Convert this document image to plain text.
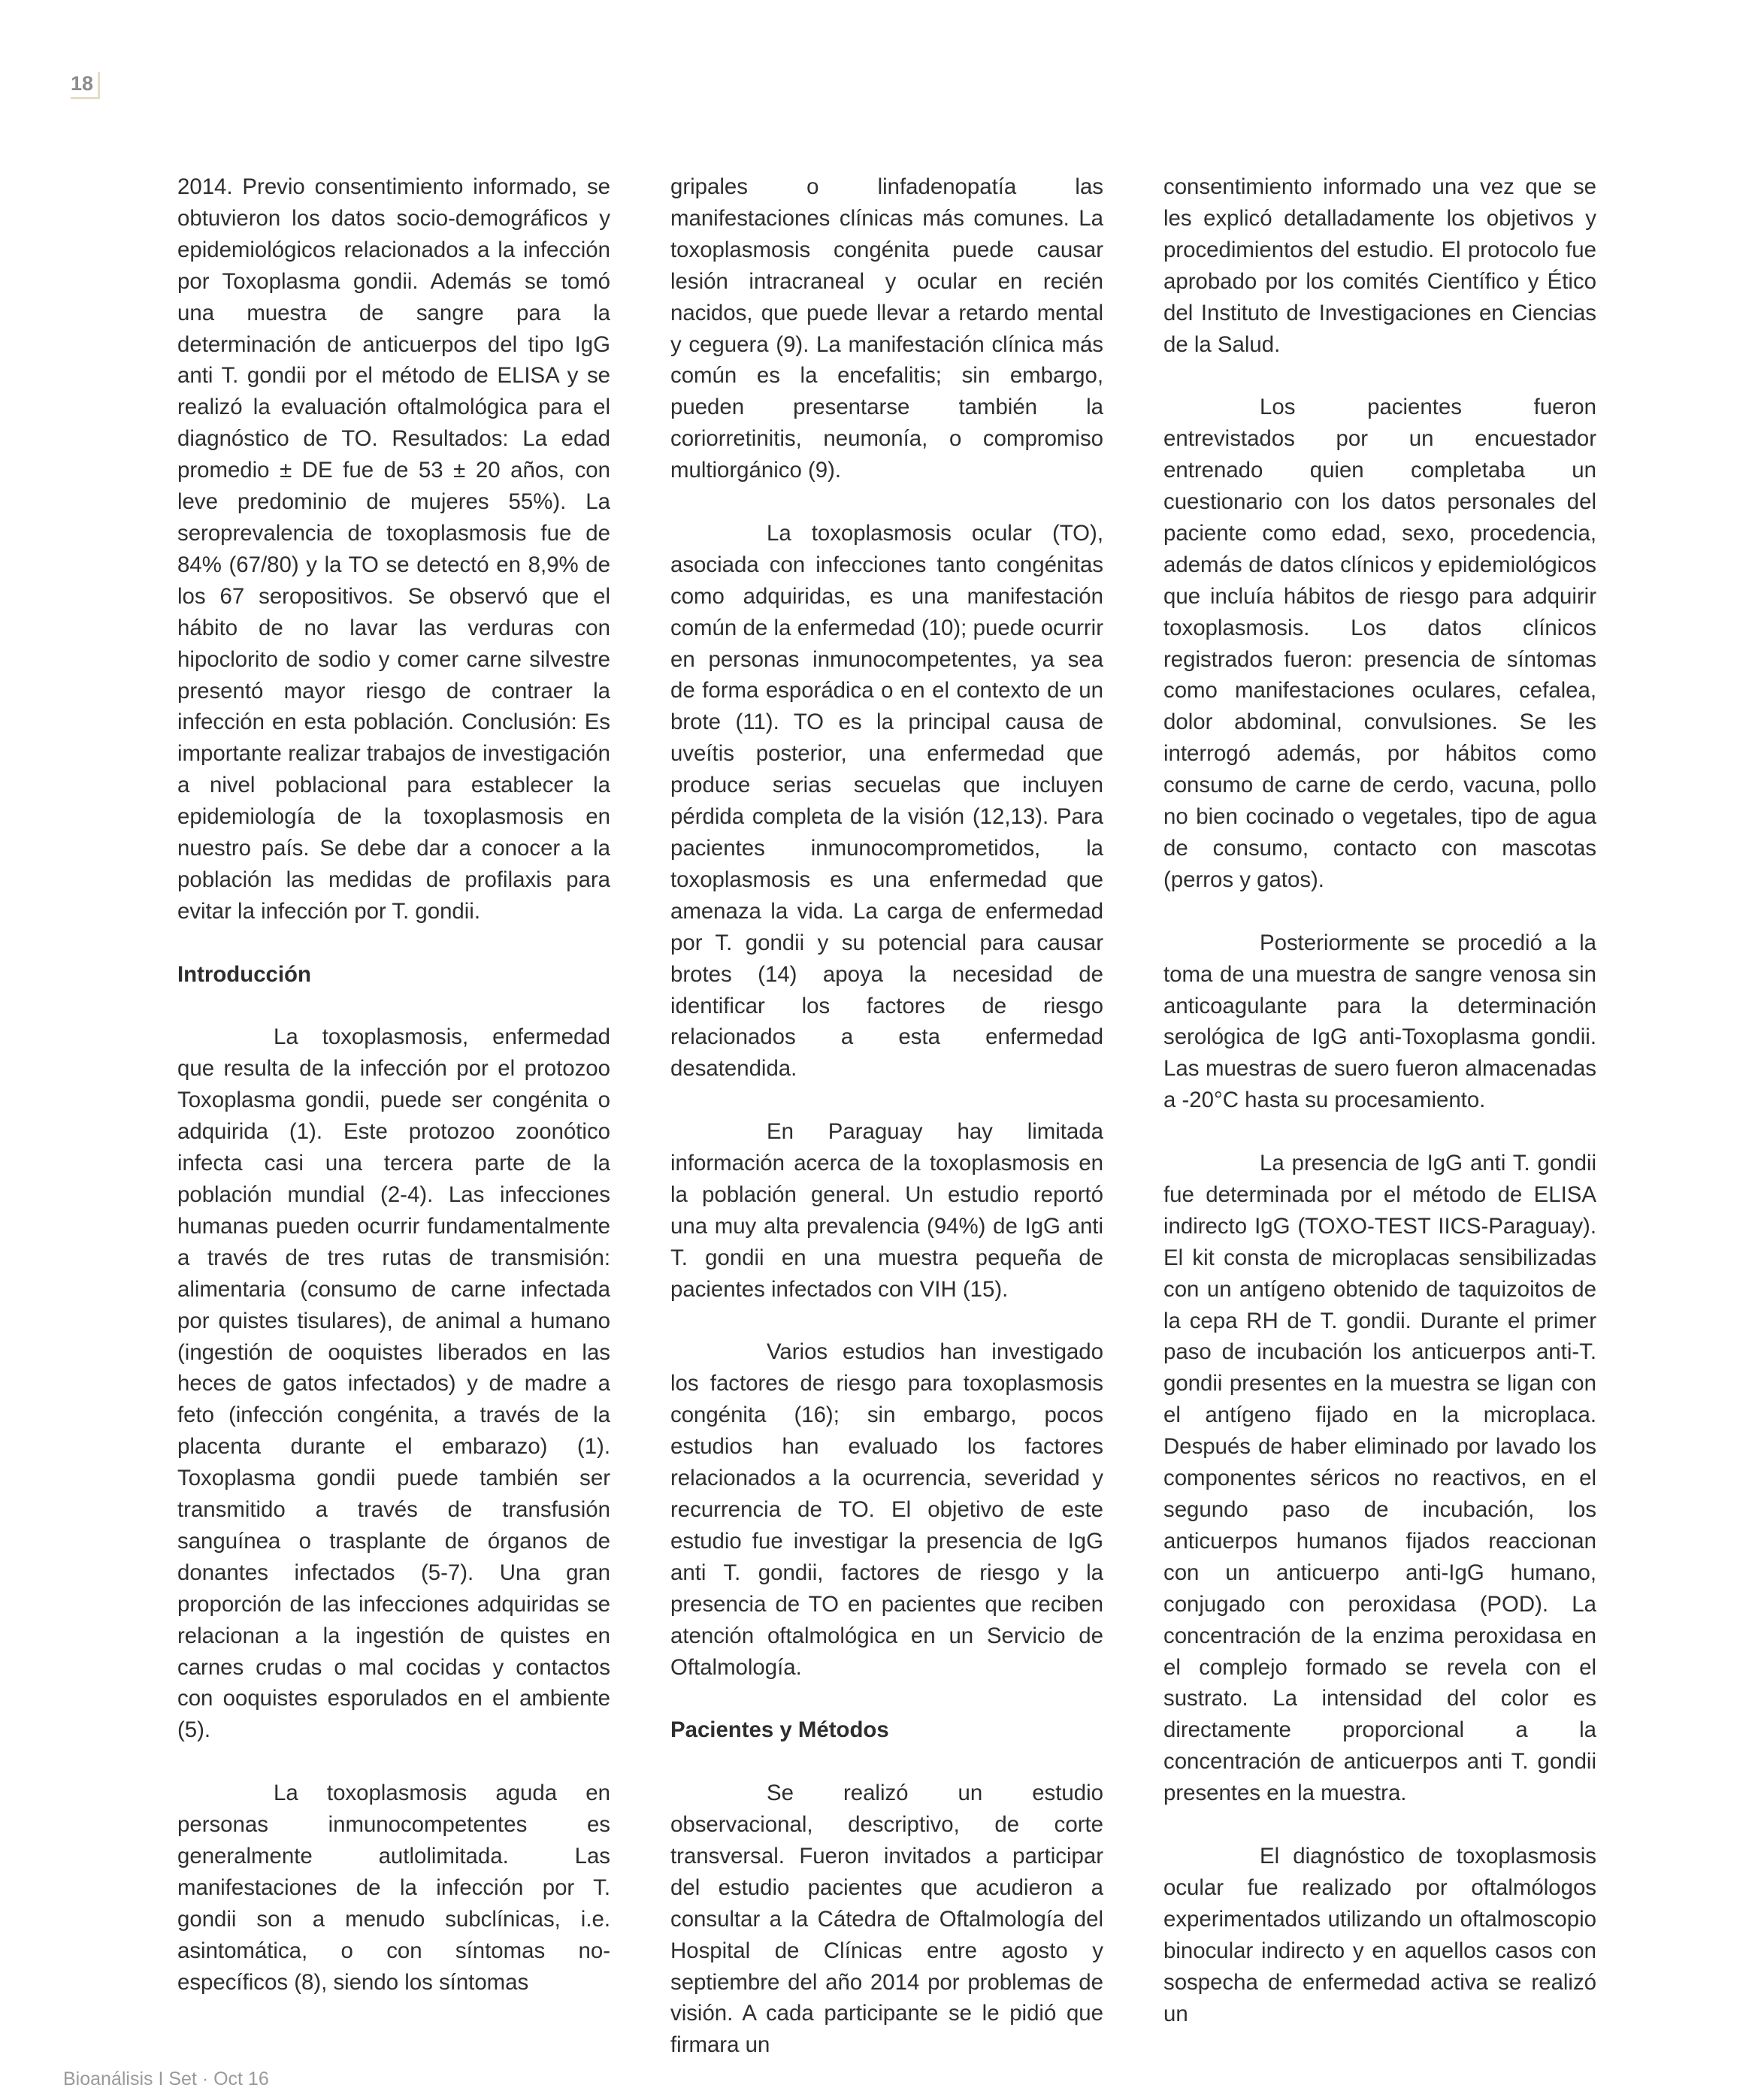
18

2014. Previo consentimiento informado, se obtuvieron los datos socio-demográficos y epidemiológicos relacionados a la infección por Toxoplasma gondii. Además se tomó una muestra de sangre para la determinación de anticuerpos del tipo IgG anti T. gondii por el método de ELISA y se realizó la evaluación oftalmológica para el diagnóstico de TO. Resultados: La edad promedio ± DE fue de 53 ± 20 años, con leve predominio de mujeres 55%). La seroprevalencia de toxoplasmosis fue de 84% (67/80) y la TO se detectó en 8,9% de los 67 seropositivos. Se observó que el hábito de no lavar las verduras con hipoclorito de sodio y comer carne silvestre presentó mayor riesgo de contraer la infección en esta población. Conclusión: Es importante realizar trabajos de investigación a nivel poblacional para establecer la epidemiología de la toxoplasmosis en nuestro país. Se debe dar a conocer a la población las medidas de profilaxis para evitar la infección por T. gondii.

Introducción

La toxoplasmosis, enfermedad que resulta de la infección por el protozoo Toxoplasma gondii, puede ser congénita o adquirida (1). Este protozoo zoonótico infecta casi una tercera parte de la población mundial (2-4). Las infecciones humanas pueden ocurrir fundamentalmente a través de tres rutas de transmisión: alimentaria (consumo de carne infectada por quistes tisulares), de animal a humano (ingestión de ooquistes liberados en las heces de gatos infectados) y de madre a feto (infección congénita, a través de la placenta durante el embarazo) (1). Toxoplasma gondii puede también ser transmitido a través de transfusión sanguínea o trasplante de órganos de donantes infectados (5-7). Una gran proporción de las infecciones adquiridas se relacionan a la ingestión de quistes en carnes crudas o mal cocidas y contactos con ooquistes esporulados en el ambiente (5).

La toxoplasmosis aguda en personas inmunocompetentes es generalmente autlolimitada. Las manifestaciones de la infección por T. gondii son a menudo subclínicas, i.e. asintomática, o con síntomas no-específicos (8), siendo los síntomas

gripales o linfadenopatía las manifestaciones clínicas más comunes. La toxoplasmosis congénita puede causar lesión intracraneal y ocular en recién nacidos, que puede llevar a retardo mental y ceguera (9). La manifestación clínica más común es la encefalitis; sin embargo, pueden presentarse también la coriorretinitis, neumonía, o compromiso multiorgánico (9).

La toxoplasmosis ocular (TO), asociada con infecciones tanto congénitas como adquiridas, es una manifestación común de la enfermedad (10); puede ocurrir en personas inmunocompetentes, ya sea de forma esporádica o en el contexto de un brote (11). TO es la principal causa de uveítis posterior, una enfermedad que produce serias secuelas que incluyen pérdida completa de la visión (12,13). Para pacientes inmunocomprometidos, la toxoplasmosis es una enfermedad que amenaza la vida. La carga de enfermedad por T. gondii y su potencial para causar brotes (14) apoya la necesidad de identificar los factores de riesgo relacionados a esta enfermedad desatendida.

En Paraguay hay limitada información acerca de la toxoplasmosis en la población general. Un estudio reportó una muy alta prevalencia (94%) de IgG anti T. gondii en una muestra pequeña de pacientes infectados con VIH (15).

Varios estudios han investigado los factores de riesgo para toxoplasmosis congénita (16); sin embargo, pocos estudios han evaluado los factores relacionados a la ocurrencia, severidad y recurrencia de TO. El objetivo de este estudio fue investigar la presencia de IgG anti T. gondii, factores de riesgo y la presencia de TO en pacientes que reciben atención oftalmológica en un Servicio de Oftalmología.

Pacientes y Métodos

Se realizó un estudio observacional, descriptivo, de corte transversal. Fueron invitados a participar del estudio pacientes que acudieron a consultar a la Cátedra de Oftalmología del Hospital de Clínicas entre agosto y septiembre del año 2014 por problemas de visión. A cada participante se le pidió que firmara un

consentimiento informado una vez que se les explicó detalladamente los objetivos y procedimientos del estudio. El protocolo fue aprobado por los comités Científico y Ético del Instituto de Investigaciones en Ciencias de la Salud.

Los pacientes fueron entrevistados por un encuestador entrenado quien completaba un cuestionario con los datos personales del paciente como edad, sexo, procedencia, además de datos clínicos y epidemiológicos que incluía hábitos de riesgo para adquirir toxoplasmosis. Los datos clínicos registrados fueron: presencia de síntomas como manifestaciones oculares, cefalea, dolor abdominal, convulsiones. Se les interrogó además, por hábitos como consumo de carne de cerdo, vacuna, pollo no bien cocinado o vegetales, tipo de agua de consumo, contacto con mascotas (perros y gatos).

Posteriormente se procedió a la toma de una muestra de sangre venosa sin anticoagulante para la determinación serológica de IgG anti-Toxoplasma gondii. Las muestras de suero fueron almacenadas a -20°C hasta su procesamiento.

La presencia de IgG anti T. gondii fue determinada por el método de ELISA indirecto IgG (TOXO-TEST IICS-Paraguay). El kit consta de microplacas sensibilizadas con un antígeno obtenido de taquizoitos de la cepa RH de T. gondii. Durante el primer paso de incubación los anticuerpos anti-T. gondii presentes en la muestra se ligan con el antígeno fijado en la microplaca. Después de haber eliminado por lavado los componentes séricos no reactivos, en el segundo paso de incubación, los anticuerpos humanos fijados reaccionan con un anticuerpo anti-IgG humano, conjugado con peroxidasa (POD). La concentración de la enzima peroxidasa en el complejo formado se revela con el sustrato. La intensidad del color es directamente proporcional a la concentración de anticuerpos anti T. gondii presentes en la muestra.

El diagnóstico de toxoplasmosis ocular fue realizado por oftalmólogos experimentados utilizando un oftalmoscopio binocular indirecto y en aquellos casos con sospecha de enfermedad activa se realizó un

Bioanálisis I Set · Oct 16
